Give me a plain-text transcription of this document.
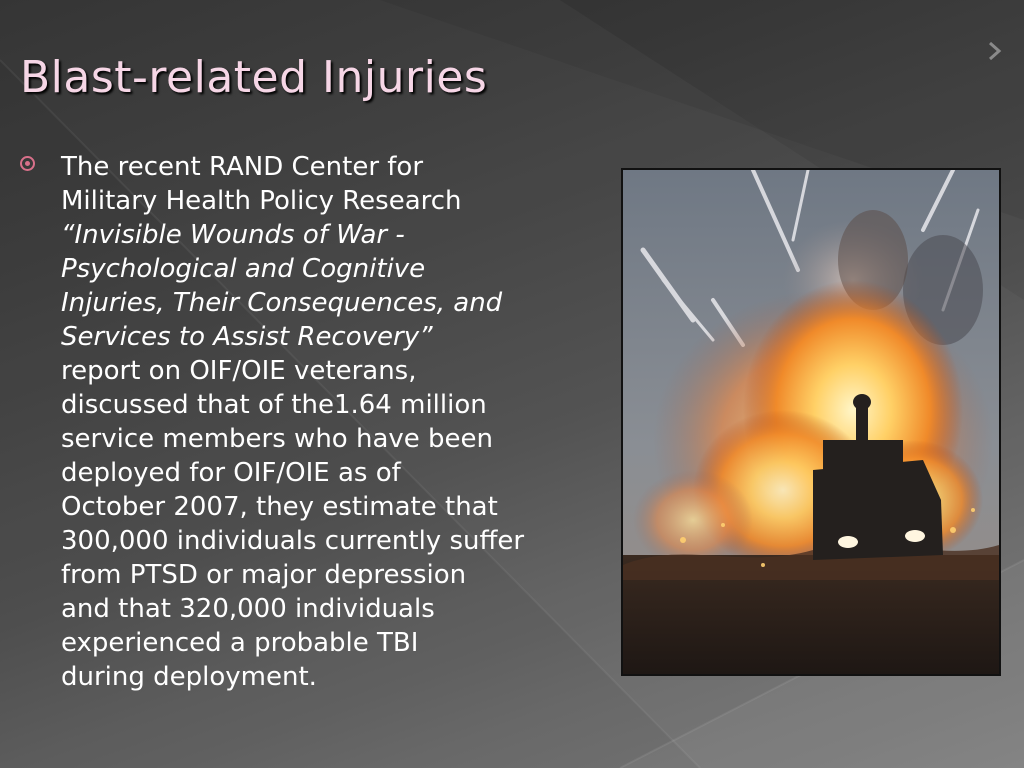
Blast-related Injuries

The recent RAND Center for
Military Health Policy Research
“Invisible Wounds of War -
Psychological and Cognitive
Injuries, Their Consequences, and
Services to Assist Recovery”
report on OIF/OIE veterans,
discussed that of the1.64 million
service members who have been
deployed for OIF/OIE as of
October 2007, they estimate that
300,000 individuals currently suffer
from PTSD or major depression
and that 320,000 individuals
experienced a probable TBI
during deployment.
